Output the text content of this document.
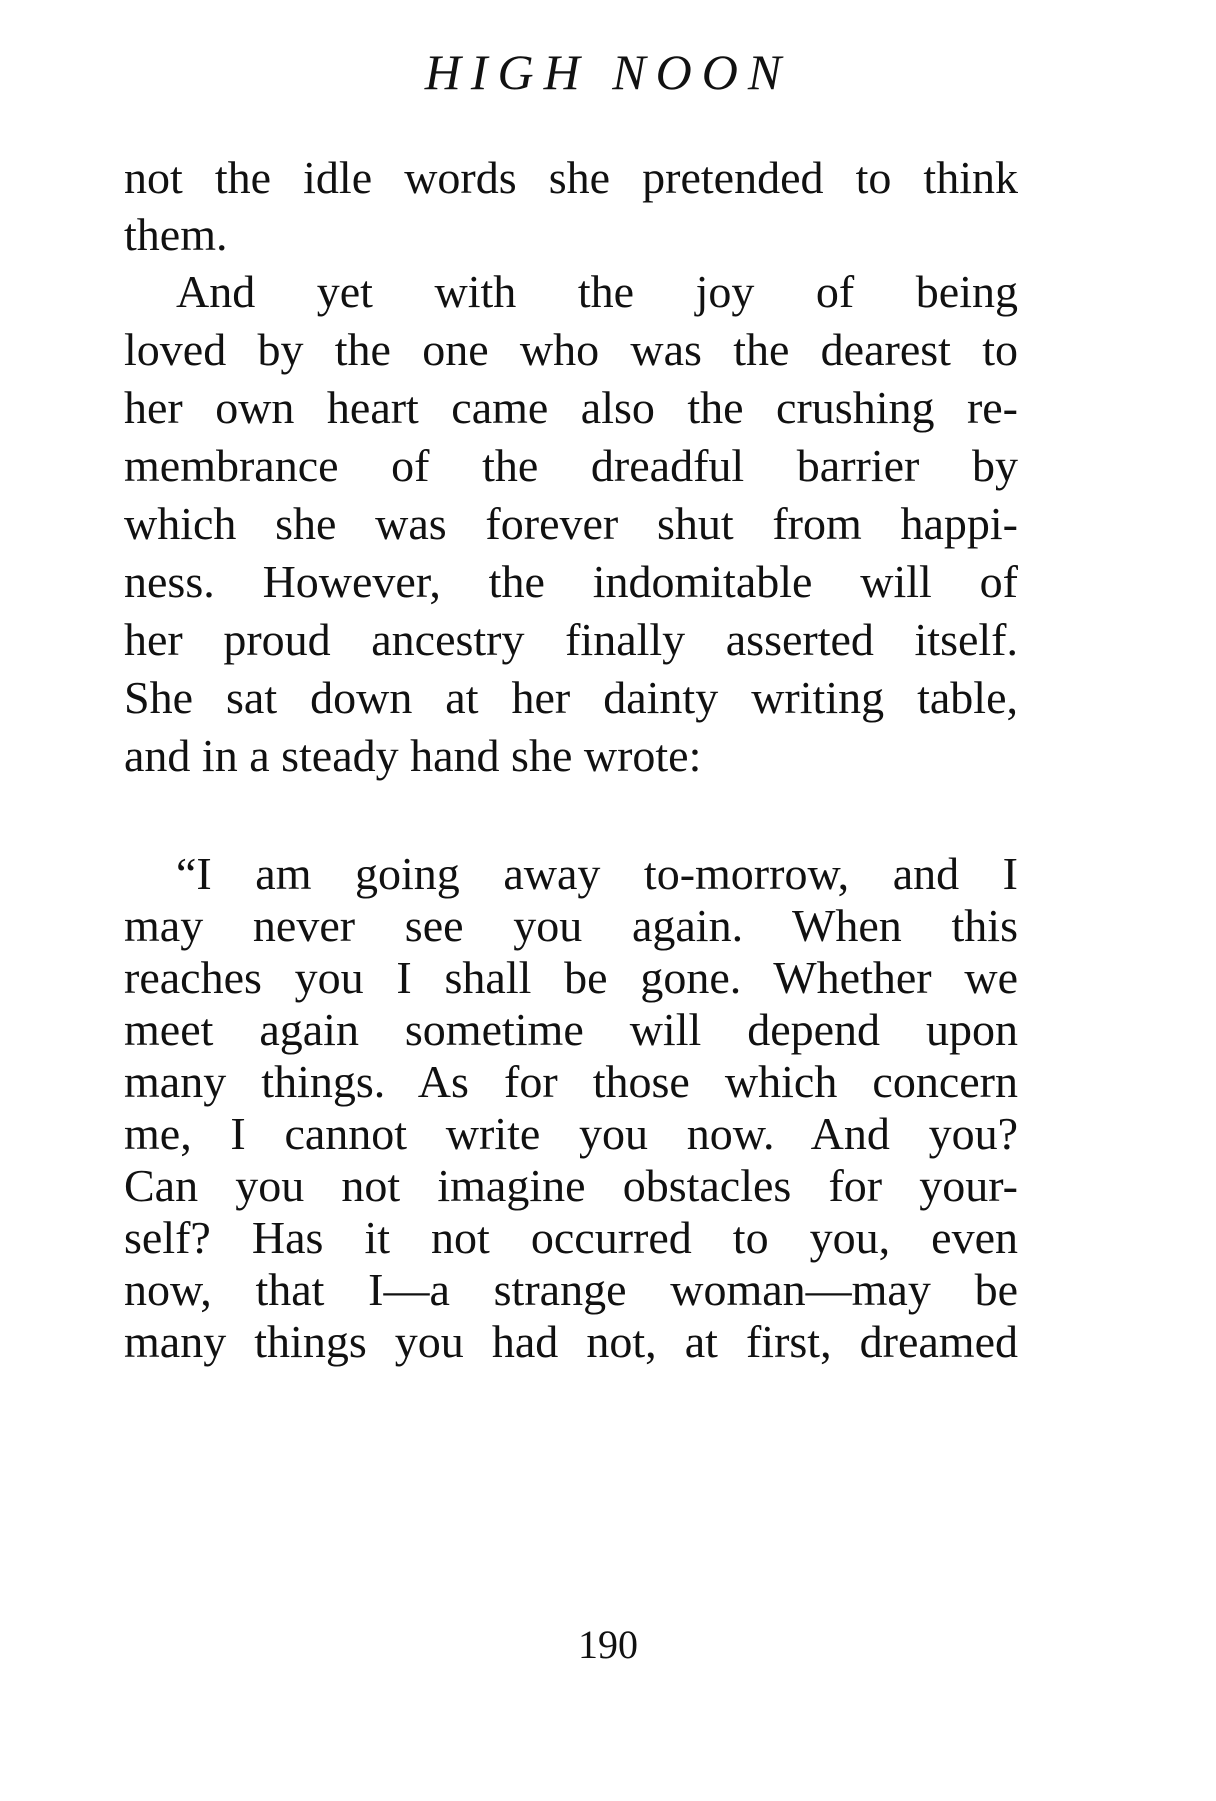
HIGH NOON
not the idle words she pretended to think
them.
And yet with the joy of being
loved by the one who was the dearest to
her own heart came also the crushing re-
membrance of the dreadful barrier by
which she was forever shut from happi-
ness. However, the indomitable will of
her proud ancestry finally asserted itself.
She sat down at her dainty writing table,
and in a steady hand she wrote:
“I am going away to-morrow, and I
may never see you again. When this
reaches you I shall be gone. Whether we
meet again sometime will depend upon
many things. As for those which concern
me, I cannot write you now. And you?
Can you not imagine obstacles for your-
self? Has it not occurred to you, even
now, that I—a strange woman—may be
many things you had not, at first, dreamed
190
